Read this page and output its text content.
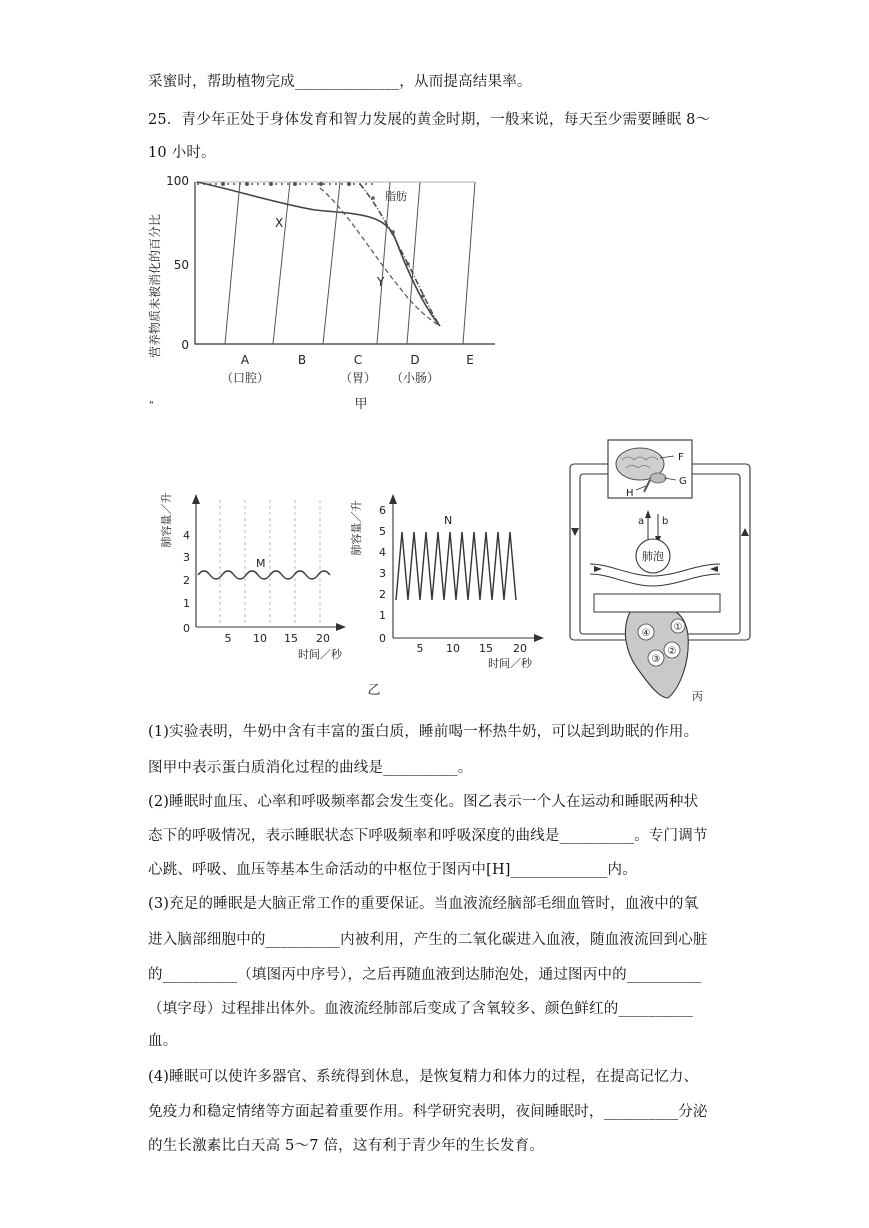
采蜜时，帮助植物完成______________，从而提高结果率。
25．青少年正处于身体发育和智力发展的黄金时期，一般来说，每天至少需要睡眠 8～
10 小时。
营养物质未被消化的百分比
100
50
0
X
Y
脂肪
A	B	C	D	E
（口腔）	（胃） （小肠）
"	甲
肺容量／升 4
3
2
1
0
M
5 10 15 20
时间／秒
肺容量／升 6
5
4
3
2
1
0
N
5 10 15 20
时间／秒
乙
F
G
H
a b
肺泡
④
①
②
③
丙
(1)实验表明，牛奶中含有丰富的蛋白质，睡前喝一杯热牛奶，可以起到助眠的作用。
图甲中表示蛋白质消化过程的曲线是__________。
(2)睡眠时血压、心率和呼吸频率都会发生变化。图乙表示一个人在运动和睡眠两种状
态下的呼吸情况，表示睡眠状态下呼吸频率和呼吸深度的曲线是__________。专门调节
心跳、呼吸、血压等基本生命活动的中枢位于图丙中[H]_____________内。
(3)充足的睡眠是大脑正常工作的重要保证。当血液流经脑部毛细血管时，血液中的氧
进入脑部细胞中的__________内被利用，产生的二氧化碳进入血液，随血液流回到心脏
的__________（填图丙中序号），之后再随血液到达肺泡处，通过图丙中的__________
（填字母）过程排出体外。血液流经肺部后变成了含氧较多、颜色鲜红的__________
血。
(4)睡眠可以使许多器官、系统得到休息，是恢复精力和体力的过程，在提高记忆力、
免疫力和稳定情绪等方面起着重要作用。科学研究表明，夜间睡眠时，__________分泌
的生长激素比白天高 5～7 倍，这有利于青少年的生长发育。
